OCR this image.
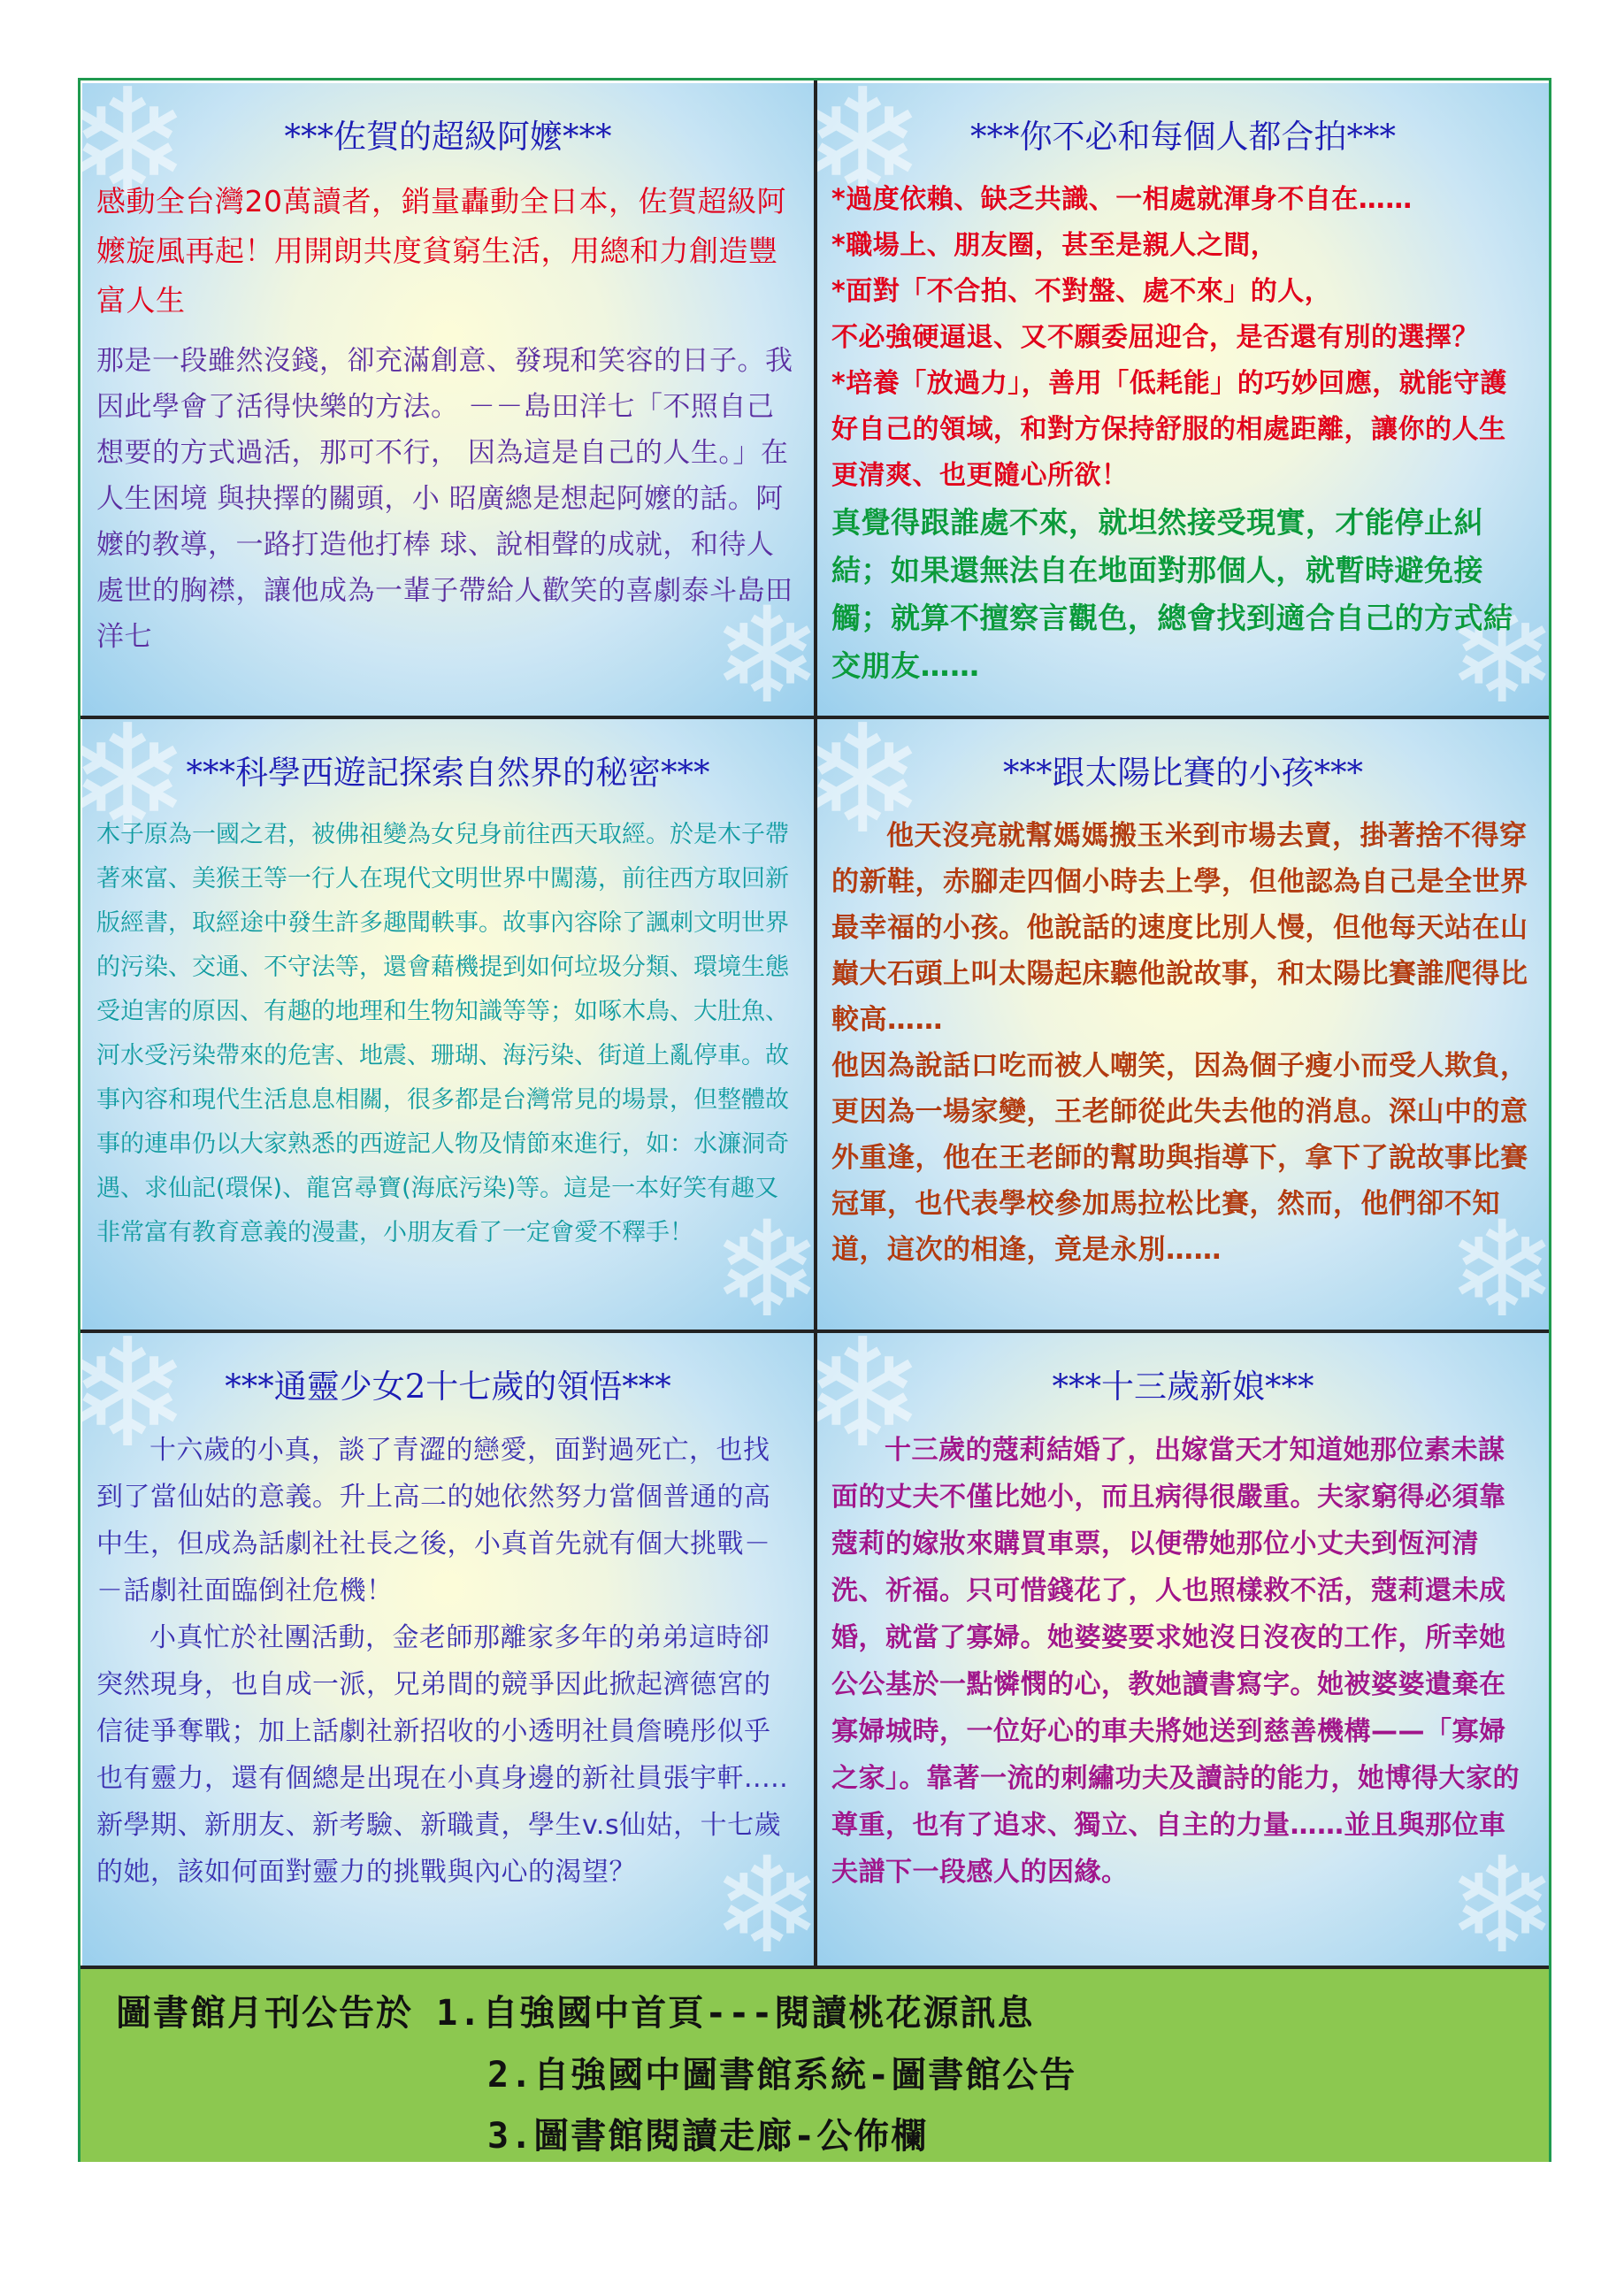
❄ ***佐賀的超級阿嬤***

感動全台灣20萬讀者，銷量轟動全日本，佐賀超級阿嬤旋風再起！用開朗共度貧窮生活，用總和力創造豐富人生

那是一段雖然沒錢，卻充滿創意、發現和笑容的日子。我因此學會了活得快樂的方法。 －－島田洋七「不照自己想要的方式過活，那可不行， 因為這是自己的人生。」在人生困境 與抉擇的關頭，小 昭廣總是想起阿嬤的話。阿嬤的教導，一路打造他打棒 球、說相聲的成就，和待人處世的胸襟，讓他成為一輩子帶給人歡笑的喜劇泰斗島田洋七

❄
❄ ***你不必和每個人都合拍***

*過度依賴、缺乏共識、一相處就渾身不自在……

*職場上、朋友圈，甚至是親人之間，

*面對「不合拍、不對盤、處不來」的人，

不必強硬逼退、又不願委屈迎合，是否還有別的選擇？

*培養「放過力」，善用「低耗能」的巧妙回應，就能守護好自己的領域，和對方保持舒服的相處距離，讓你的人生更清爽、也更隨心所欲！

真覺得跟誰處不來，就坦然接受現實，才能停止糾結；如果還無法自在地面對那個人，就暫時避免接觸；就算不擅察言觀色，總會找到適合自己的方式結交朋友……

❄
❄ ***科學西遊記探索自然界的秘密***

木子原為一國之君，被佛祖變為女兒身前往西天取經。於是木子帶著來富、美猴王等一行人在現代文明世界中闖蕩，前往西方取回新版經書，取經途中發生許多趣聞軼事。故事內容除了諷刺文明世界的污染、交通、不守法等，還會藉機提到如何垃圾分類、環境生態受迫害的原因、有趣的地理和生物知識等等；如啄木鳥、大肚魚、河水受污染帶來的危害、地震、珊瑚、海污染、街道上亂停車。故事內容和現代生活息息相關，很多都是台灣常見的場景，但整體故事的連串仍以大家熟悉的西遊記人物及情節來進行，如：水濂洞奇遇、求仙記(環保)、龍宮尋寶(海底污染)等。這是一本好笑有趣又非常富有教育意義的漫畫，小朋友看了一定會愛不釋手！

❄
❄ ***跟太陽比賽的小孩***

他天沒亮就幫媽媽搬玉米到市場去賣，掛著捨不得穿的新鞋，赤腳走四個小時去上學，但他認為自己是全世界最幸福的小孩。他說話的速度比別人慢，但他每天站在山巔大石頭上叫太陽起床聽他說故事，和太陽比賽誰爬得比較高……

他因為說話口吃而被人嘲笑，因為個子瘦小而受人欺負，更因為一場家變，王老師從此失去他的消息。深山中的意外重逢，他在王老師的幫助與指導下，拿下了說故事比賽冠軍，也代表學校參加馬拉松比賽，然而，他們卻不知道，這次的相逢，竟是永別……

❄
❄ ***通靈少女2十七歲的領悟***

十六歲的小真，談了青澀的戀愛，面對過死亡，也找到了當仙姑的意義。升上高二的她依然努力當個普通的高中生，但成為話劇社社長之後，小真首先就有個大挑戰－－話劇社面臨倒社危機！

小真忙於社團活動，金老師那離家多年的弟弟這時卻突然現身，也自成一派，兄弟間的競爭因此掀起濟德宮的信徒爭奪戰；加上話劇社新招收的小透明社員詹曉彤似乎也有靈力，還有個總是出現在小真身邊的新社員張宇軒.....新學期、新朋友、新考驗、新職責，學生v.s仙姑，十七歲的她，該如何面對靈力的挑戰與內心的渴望？

❄
❄ ***十三歲新娘***

十三歲的蔻莉結婚了，出嫁當天才知道她那位素未謀面的丈夫不僅比她小，而且病得很嚴重。夫家窮得必須靠蔻莉的嫁妝來購買車票，以便帶她那位小丈夫到恆河清洗、祈福。只可惜錢花了，人也照樣救不活，蔻莉還未成婚，就當了寡婦。她婆婆要求她沒日沒夜的工作，所幸她公公基於一點憐憫的心，教她讀書寫字。她被婆婆遺棄在寡婦城時，一位好心的車夫將她送到慈善機構——「寡婦之家」。靠著一流的刺繡功夫及讀詩的能力，她博得大家的尊重，也有了追求、獨立、自主的力量……並且與那位車夫譜下一段感人的因緣。

❄
圖書館月刊公告於 1.自強國中首頁---閱讀桃花源訊息
2.自強國中圖書館系統-圖書館公告
3.圖書館閱讀走廊-公佈欄
